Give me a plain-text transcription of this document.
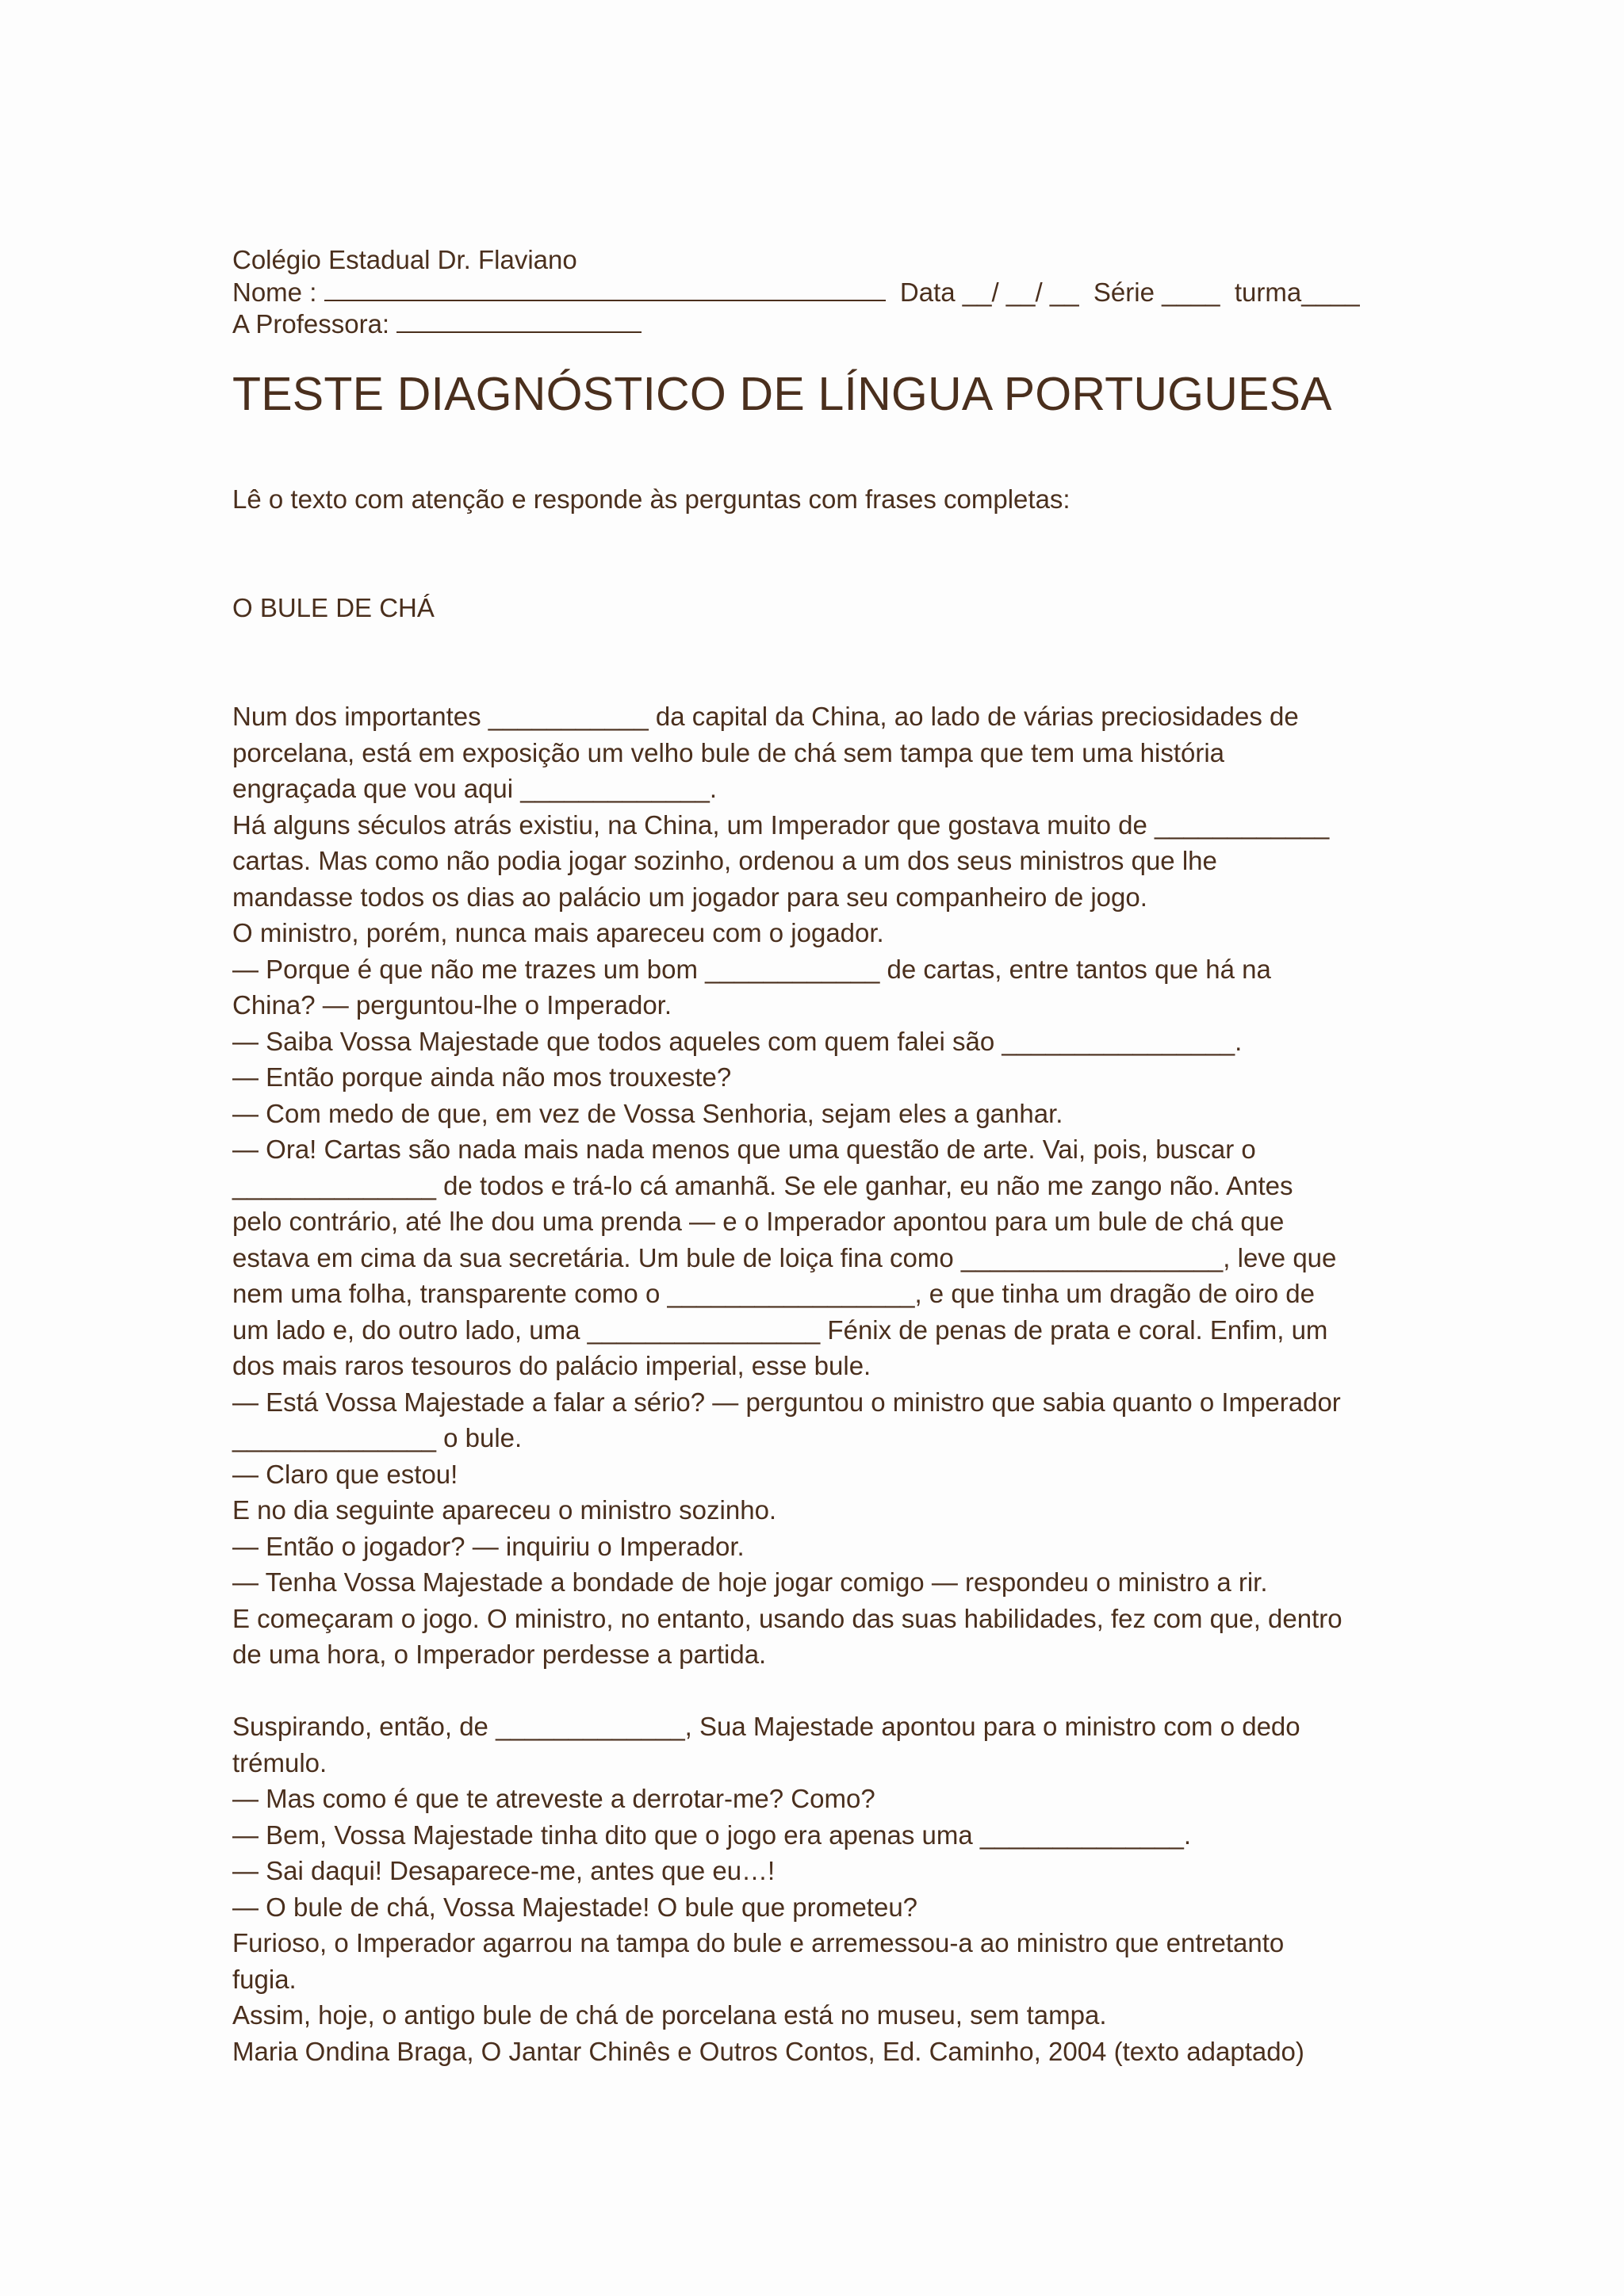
Colégio Estadual Dr. Flaviano
Nome :	Data __/ __/ __ Série ____ turma____
A Professora:
TESTE DIAGNÓSTICO DE LÍNGUA PORTUGUESA
Lê o texto com atenção e responde às perguntas com frases completas:
O BULE DE CHÁ
Num dos importantes ___________ da capital da China, ao lado de várias preciosidades de
porcelana, está em exposição um velho bule de chá sem tampa que tem uma história
engraçada que vou aqui _____________.
Há alguns séculos atrás existiu, na China, um Imperador que gostava muito de ____________
cartas. Mas como não podia jogar sozinho, ordenou a um dos seus ministros que lhe
mandasse todos os dias ao palácio um jogador para seu companheiro de jogo.
O ministro, porém, nunca mais apareceu com o jogador.
— Porque é que não me trazes um bom ____________ de cartas, entre tantos que há na
China? — perguntou-lhe o Imperador.
— Saiba Vossa Majestade que todos aqueles com quem falei são ________________.
— Então porque ainda não mos trouxeste?
— Com medo de que, em vez de Vossa Senhoria, sejam eles a ganhar.
— Ora! Cartas são nada mais nada menos que uma questão de arte. Vai, pois, buscar o
______________ de todos e trá-lo cá amanhã. Se ele ganhar, eu não me zango não. Antes
pelo contrário, até lhe dou uma prenda — e o Imperador apontou para um bule de chá que
estava em cima da sua secretária. Um bule de loiça fina como __________________, leve que
nem uma folha, transparente como o _________________, e que tinha um dragão de oiro de
um lado e, do outro lado, uma ________________ Fénix de penas de prata e coral. Enfim, um
dos mais raros tesouros do palácio imperial, esse bule.
— Está Vossa Majestade a falar a sério? — perguntou o ministro que sabia quanto o Imperador
______________ o bule.
— Claro que estou!
E no dia seguinte apareceu o ministro sozinho.
— Então o jogador? — inquiriu o Imperador.
— Tenha Vossa Majestade a bondade de hoje jogar comigo — respondeu o ministro a rir.
E começaram o jogo. O ministro, no entanto, usando das suas habilidades, fez com que, dentro
de uma hora, o Imperador perdesse a partida.
Suspirando, então, de _____________, Sua Majestade apontou para o ministro com o dedo
trémulo.
— Mas como é que te atreveste a derrotar-me? Como?
— Bem, Vossa Majestade tinha dito que o jogo era apenas uma ______________.
— Sai daqui! Desaparece-me, antes que eu…!
— O bule de chá, Vossa Majestade! O bule que prometeu?
Furioso, o Imperador agarrou na tampa do bule e arremessou-a ao ministro que entretanto
fugia.
Assim, hoje, o antigo bule de chá de porcelana está no museu, sem tampa.
Maria Ondina Braga, O Jantar Chinês e Outros Contos, Ed. Caminho, 2004 (texto adaptado)
